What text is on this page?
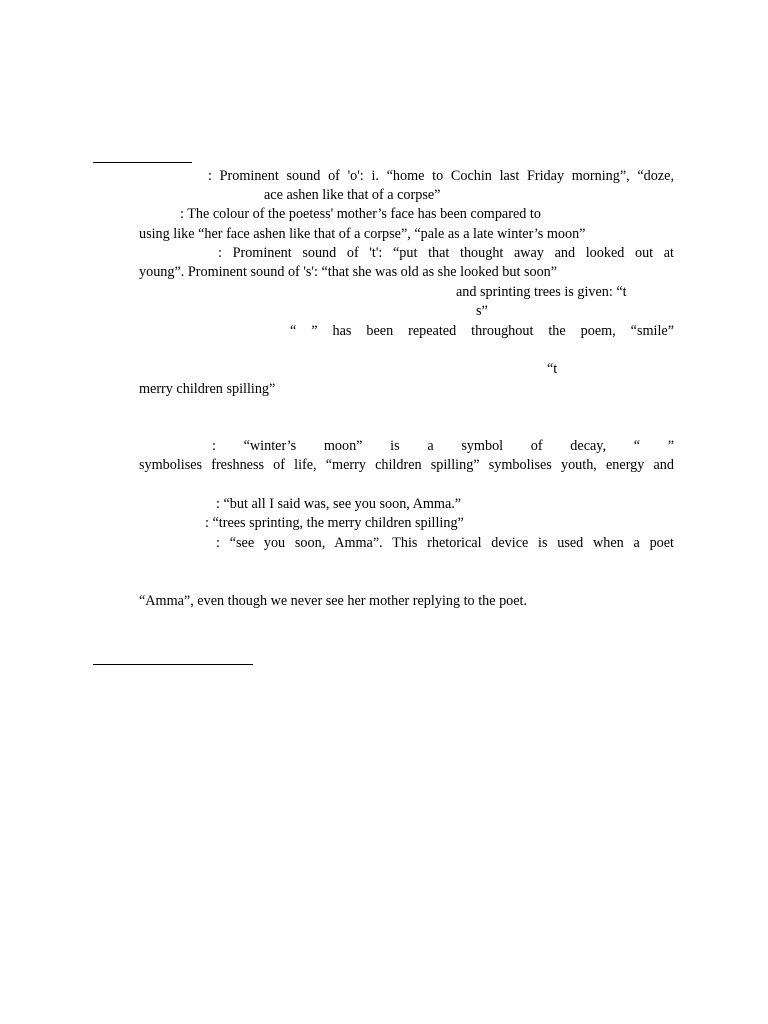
: Prominent sound of 'o': i. “home to Cochin last Friday morning”, “doze,
ace ashen like that of a corpse”
: The colour of the poetess' mother’s face has been compared to
using like “her face ashen like that of a corpse”, “pale as a late winter’s moon”
: Prominent sound of 't': “put that thought away and looked out at
young”. Prominent sound of 's': “that she was old as she looked but soon”
and sprinting trees is given: “t
s”
“ ” has been repeated throughout the poem, “smile”
“t
merry children spilling”
: “winter’s moon” is a symbol of decay, “ ”
symbolises freshness of life, “merry children spilling” symbolises youth, energy and
: “but all I said was, see you soon, Amma.”
: “trees sprinting, the merry children spilling”
: “see you soon, Amma”. This rhetorical device is used when a poet
“Amma”, even though we never see her mother replying to the poet.
